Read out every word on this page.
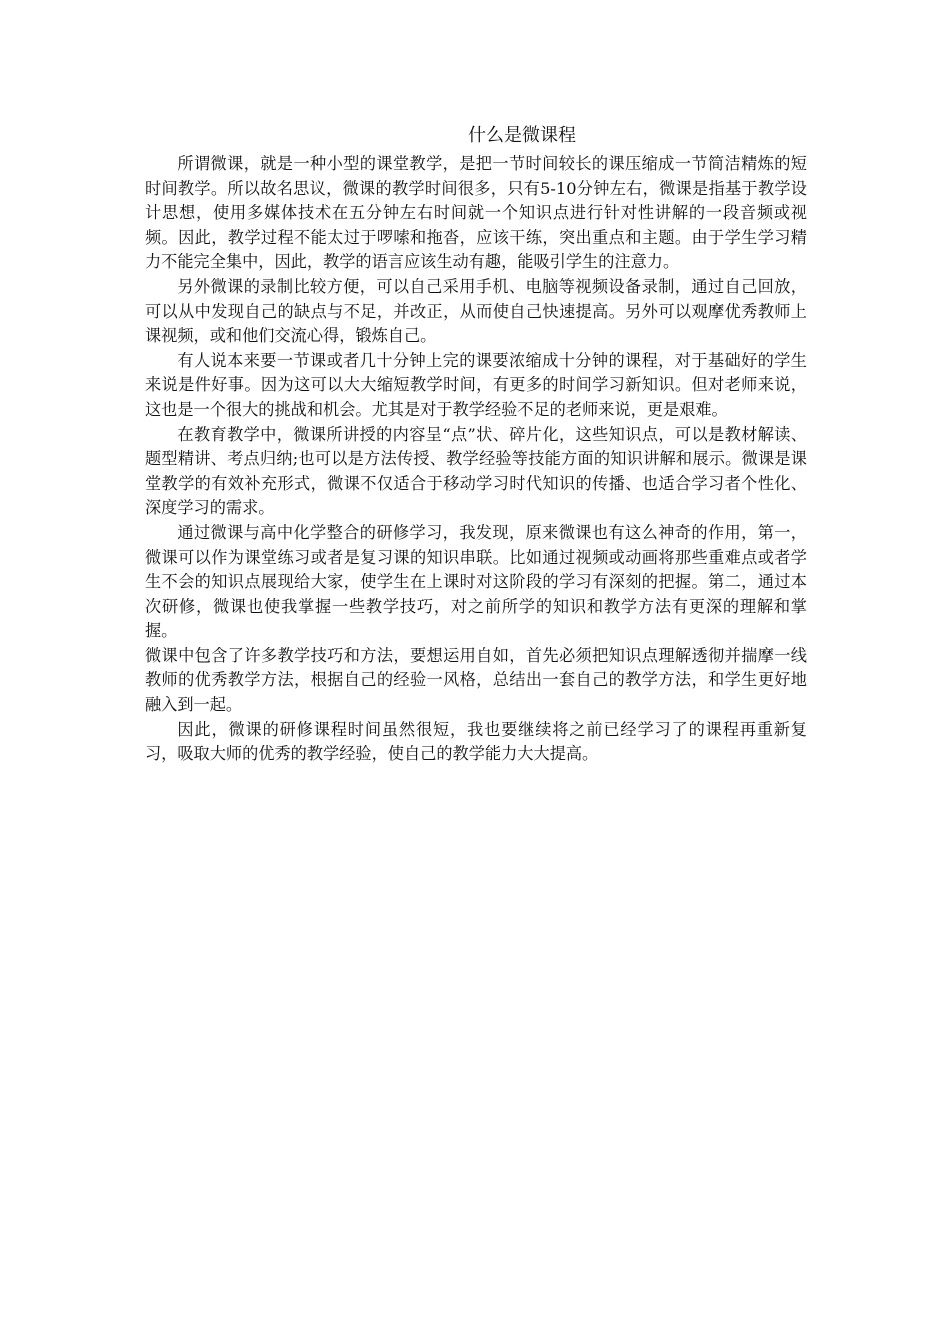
什么是微课程

所谓微课，就是一种小型的课堂教学，是把一节时间较长的课压缩成一节简洁精炼的短时间教学。所以故名思议，微课的教学时间很多，只有5-10分钟左右，微课是指基于教学设计思想，使用多媒体技术在五分钟左右时间就一个知识点进行针对性讲解的一段音频或视频。因此，教学过程不能太过于啰嗦和拖沓，应该干练，突出重点和主题。由于学生学习精力不能完全集中，因此，教学的语言应该生动有趣，能吸引学生的注意力。

另外微课的录制比较方便，可以自己采用手机、电脑等视频设备录制，通过自己回放，可以从中发现自己的缺点与不足，并改正，从而使自己快速提高。另外可以观摩优秀教师上课视频，或和他们交流心得，锻炼自己。

有人说本来要一节课或者几十分钟上完的课要浓缩成十分钟的课程，对于基础好的学生来说是件好事。因为这可以大大缩短教学时间，有更多的时间学习新知识。但对老师来说，这也是一个很大的挑战和机会。尤其是对于教学经验不足的老师来说，更是艰难。

在教育教学中，微课所讲授的内容呈“点”状、碎片化，这些知识点，可以是教材解读、题型精讲、考点归纳;也可以是方法传授、教学经验等技能方面的知识讲解和展示。微课是课堂教学的有效补充形式，微课不仅适合于移动学习时代知识的传播、也适合学习者个性化、深度学习的需求。

通过微课与高中化学整合的研修学习，我发现，原来微课也有这么神奇的作用，第一，微课可以作为课堂练习或者是复习课的知识串联。比如通过视频或动画将那些重难点或者学生不会的知识点展现给大家，使学生在上课时对这阶段的学习有深刻的把握。第二，通过本次研修，微课也使我掌握一些教学技巧，对之前所学的知识和教学方法有更深的理解和掌握。

微课中包含了许多教学技巧和方法，要想运用自如，首先必须把知识点理解透彻并揣摩一线教师的优秀教学方法，根据自己的经验一风格，总结出一套自己的教学方法，和学生更好地融入到一起。

因此，微课的研修课程时间虽然很短，我也要继续将之前已经学习了的课程再重新复习，吸取大师的优秀的教学经验，使自己的教学能力大大提高。
